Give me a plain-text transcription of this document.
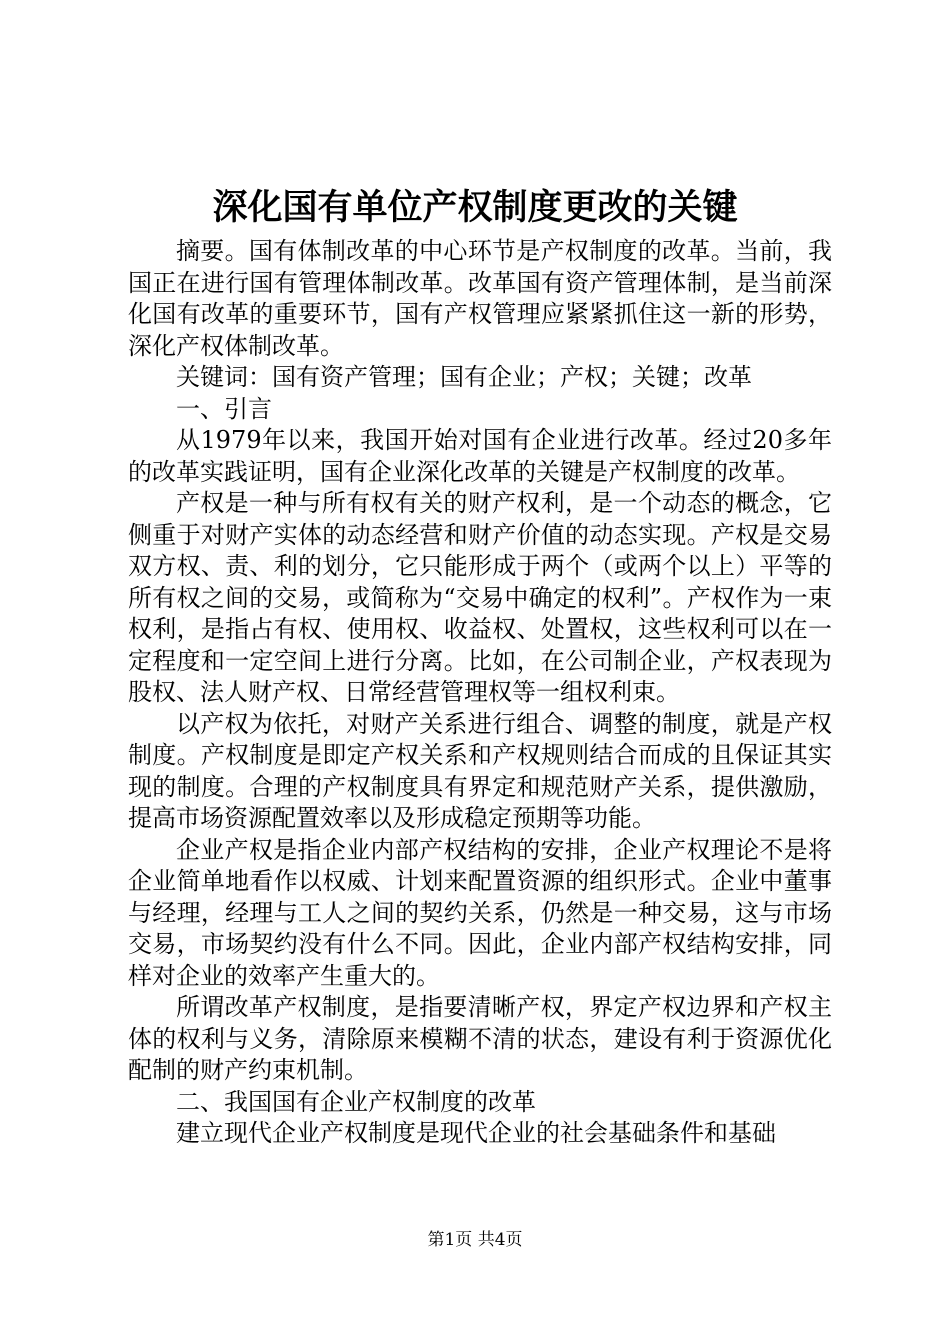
深化国有单位产权制度更改的关键

摘要。国有体制改革的中心环节是产权制度的改革。当前，我国正在进行国有管理体制改革。改革国有资产管理体制，是当前深化国有改革的重要环节，国有产权管理应紧紧抓住这一新的形势，深化产权体制改革。

关键词：国有资产管理；国有企业；产权；关键；改革

一、引言

从1979年以来，我国开始对国有企业进行改革。经过20多年的改革实践证明，国有企业深化改革的关键是产权制度的改革。

产权是一种与所有权有关的财产权利，是一个动态的概念，它侧重于对财产实体的动态经营和财产价值的动态实现。产权是交易双方权、责、利的划分，它只能形成于两个（或两个以上）平等的所有权之间的交易，或简称为“交易中确定的权利”。产权作为一束权利，是指占有权、使用权、收益权、处置权，这些权利可以在一定程度和一定空间上进行分离。比如，在公司制企业，产权表现为股权、法人财产权、日常经营管理权等一组权利束。

以产权为依托，对财产关系进行组合、调整的制度，就是产权制度。产权制度是即定产权关系和产权规则结合而成的且保证其实现的制度。合理的产权制度具有界定和规范财产关系，提供激励，提高市场资源配置效率以及形成稳定预期等功能。

企业产权是指企业内部产权结构的安排，企业产权理论不是将企业简单地看作以权威、计划来配置资源的组织形式。企业中董事与经理，经理与工人之间的契约关系，仍然是一种交易，这与市场交易，市场契约没有什么不同。因此，企业内部产权结构安排，同样对企业的效率产生重大的。

所谓改革产权制度，是指要清晰产权，界定产权边界和产权主体的权利与义务，清除原来模糊不清的状态，建设有利于资源优化配制的财产约束机制。

二、我国国有企业产权制度的改革

建立现代企业产权制度是现代企业的社会基础条件和基础

第1页 共4页
